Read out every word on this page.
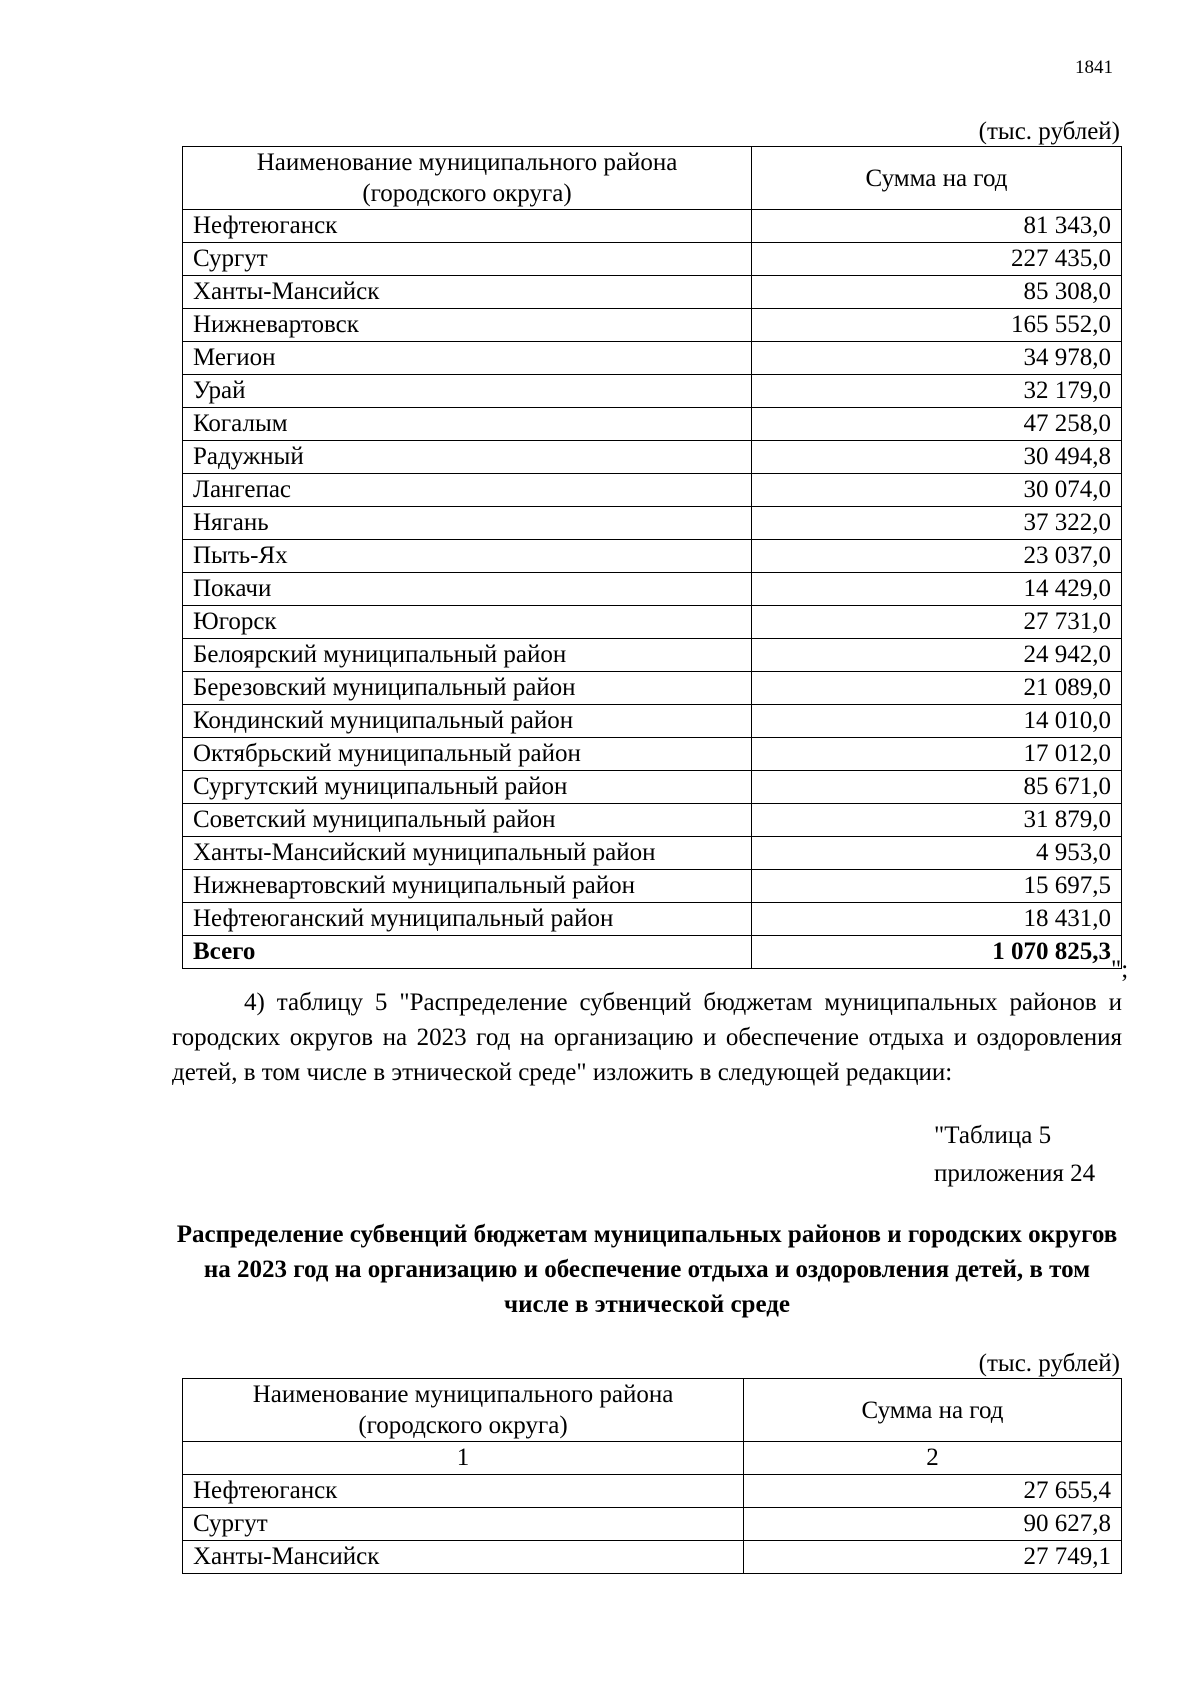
1841
(тыс. рублей)
Наименование муниципального района
(городского округа)	Сумма на год
Нефтеюганск	81 343,0
Сургут	227 435,0
Ханты-Мансийск	85 308,0
Нижневартовск	165 552,0
Мегион	34 978,0
Урай	32 179,0
Когалым	47 258,0
Радужный	30 494,8
Лангепас	30 074,0
Нягань	37 322,0
Пыть-Ях	23 037,0
Покачи	14 429,0
Югорск	27 731,0
Белоярский муниципальный район	24 942,0
Березовский муниципальный район	21 089,0
Кондинский муниципальный район	14 010,0
Октябрьский муниципальный район	17 012,0
Сургутский муниципальный район	85 671,0
Советский муниципальный район	31 879,0
Ханты-Мансийский муниципальный район	4 953,0
Нижневартовский муниципальный район	15 697,5
Нефтеюганский муниципальный район	18 431,0
Всего	1 070 825,3
";

4) таблицу 5 "Распределение субвенций бюджетам муниципальных районов и городских округов на 2023 год на организацию и обеспечение отдыха и оздоровления детей, в том числе в этнической среде" изложить в следующей редакции:

"Таблица 5
приложения 24
Распределение субвенций бюджетам муниципальных районов и городских округов на 2023 год на организацию и обеспечение отдыха и оздоровления детей, в том числе в этнической среде
(тыс. рублей)
Наименование муниципального района
(городского округа)	Сумма на год
1	2
Нефтеюганск	27 655,4
Сургут	90 627,8
Ханты-Мансийск	27 749,1
